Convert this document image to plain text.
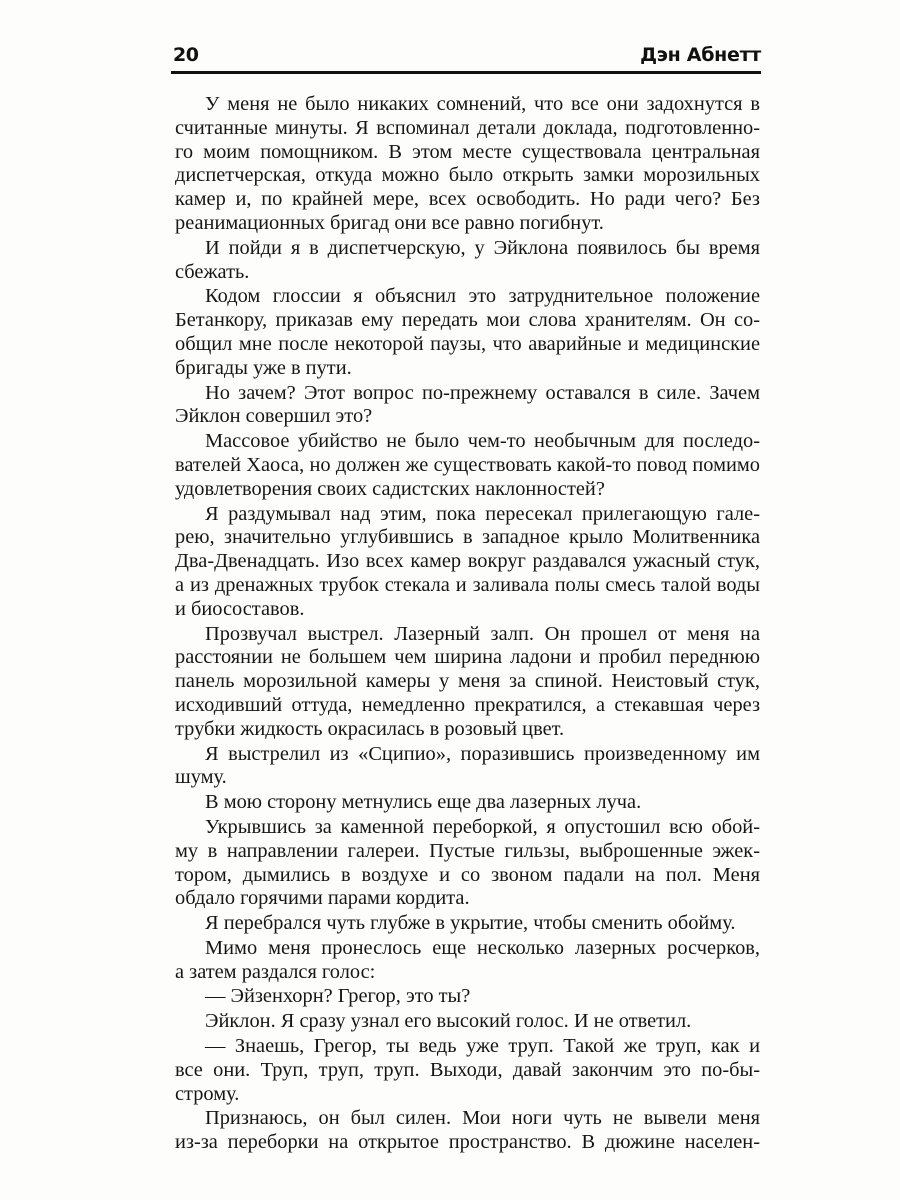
20	Дэн Абнетт
У меня не было никаких сомнений, что все они задохнутся в
считанные минуты. Я вспоминал детали доклада, подготовленно-
го моим помощником. В этом месте существовала центральная
диспетчерская, откуда можно было открыть замки морозильных
камер и, по крайней мере, всех освободить. Но ради чего? Без
реанимационных бригад они все равно погибнут.
И пойди я в диспетчерскую, у Эйклона появилось бы время
сбежать.
Кодом глосcии я объяснил это затруднительное положение
Бетанкору, приказав ему передать мои слова хранителям. Он со-
общил мне после некоторой паузы, что аварийные и медицинские
бригады уже в пути.
Но зачем? Этот вопрос по-прежнему оставался в силе. Зачем
Эйклон совершил это?
Массовое убийство не было чем-то необычным для последо-
вателей Хаоса, но должен же существовать какой-то повод помимо
удовлетворения своих садистских наклонностей?
Я раздумывал над этим, пока пересекал прилегающую гале-
рею, значительно углубившись в западное крыло Молитвенника
Два-Двенадцать. Изо всех камер вокруг раздавался ужасный стук,
а из дренажных трубок стекала и заливала полы смесь талой воды
и биосоставов.
Прозвучал выстрел. Лазерный залп. Он прошел от меня на
расстоянии не большем чем ширина ладони и пробил переднюю
панель морозильной камеры у меня за спиной. Неистовый стук,
исходивший оттуда, немедленно прекратился, а стекавшая через
трубки жидкость окрасилась в розовый цвет.
Я выстрелил из «Сципио», поразившись произведенному им
шуму.
В мою сторону метнулись еще два лазерных луча.
Укрывшись за каменной переборкой, я опустошил всю обой-
му в направлении галереи. Пустые гильзы, выброшенные эжек-
тором, дымились в воздухе и со звоном падали на пол. Меня
обдало горячими парами кордита.
Я перебрался чуть глубже в укрытие, чтобы сменить обойму.
Мимо меня пронеслось еще несколько лазерных росчерков,
а затем раздался голос:
— Эйзенхорн? Грегор, это ты?
Эйклон. Я сразу узнал его высокий голос. И не ответил.
— Знаешь, Грегор, ты ведь уже труп. Такой же труп, как и
все они. Труп, труп, труп. Выходи, давай закончим это по-бы-
строму.
Признаюсь, он был силен. Мои ноги чуть не вывели меня
из-за переборки на открытое пространство. В дюжине населен-
